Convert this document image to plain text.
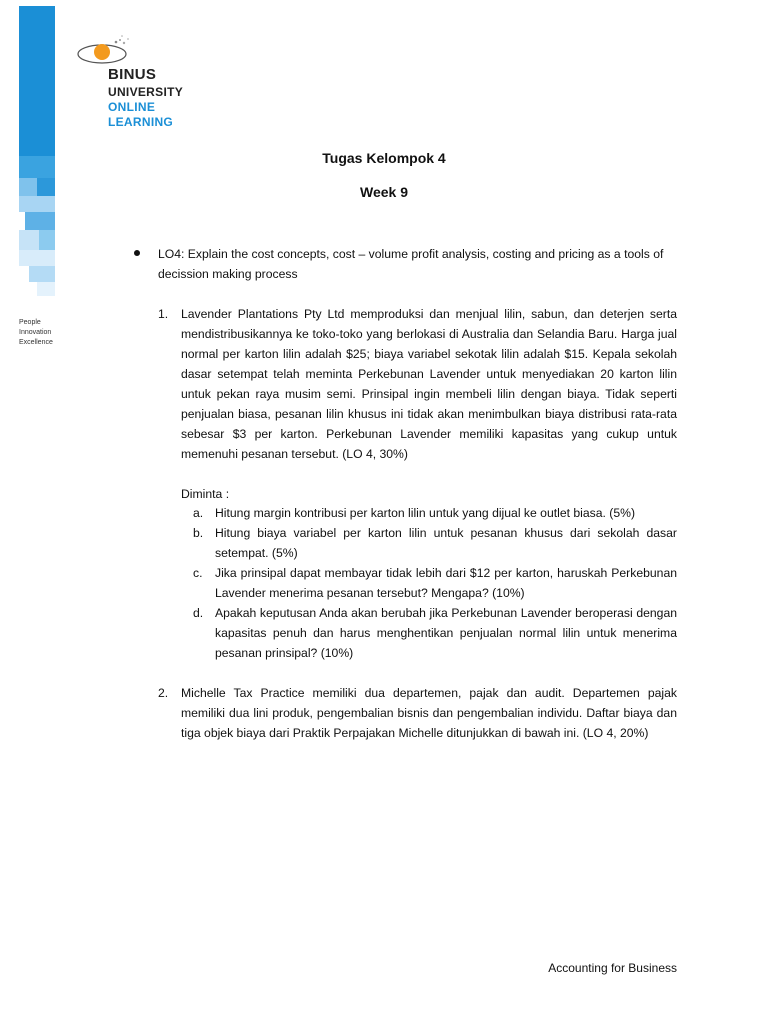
People
Innovation
Excellence
BINUS
UNIVERSITY
ONLINE
LEARNING
Tugas Kelompok 4
Week 9
LO4: Explain the cost concepts, cost – volume profit analysis, costing and pricing as a tools of decission making process
1. Lavender Plantations Pty Ltd memproduksi dan menjual lilin, sabun, dan deterjen serta mendistribusikannya ke toko-toko yang berlokasi di Australia dan Selandia Baru. Harga jual normal per karton lilin adalah $25; biaya variabel sekotak lilin adalah $15. Kepala sekolah dasar setempat telah meminta Perkebunan Lavender untuk menyediakan 20 karton lilin untuk pekan raya musim semi. Prinsipal ingin membeli lilin dengan biaya. Tidak seperti penjualan biasa, pesanan lilin khusus ini tidak akan menimbulkan biaya distribusi rata-rata sebesar $3 per karton. Perkebunan Lavender memiliki kapasitas yang cukup untuk memenuhi pesanan tersebut. (LO 4, 30%)
Diminta :
a. Hitung margin kontribusi per karton lilin untuk yang dijual ke outlet biasa. (5%)
b. Hitung biaya variabel per karton lilin untuk pesanan khusus dari sekolah dasar setempat. (5%)
c. Jika prinsipal dapat membayar tidak lebih dari $12 per karton, haruskah Perkebunan Lavender menerima pesanan tersebut? Mengapa? (10%)
d. Apakah keputusan Anda akan berubah jika Perkebunan Lavender beroperasi dengan kapasitas penuh dan harus menghentikan penjualan normal lilin untuk menerima pesanan prinsipal? (10%)
2. Michelle Tax Practice memiliki dua departemen, pajak dan audit. Departemen pajak memiliki dua lini produk, pengembalian bisnis dan pengembalian individu. Daftar biaya dan tiga objek biaya dari Praktik Perpajakan Michelle ditunjukkan di bawah ini. (LO 4, 20%)
Accounting for Business
